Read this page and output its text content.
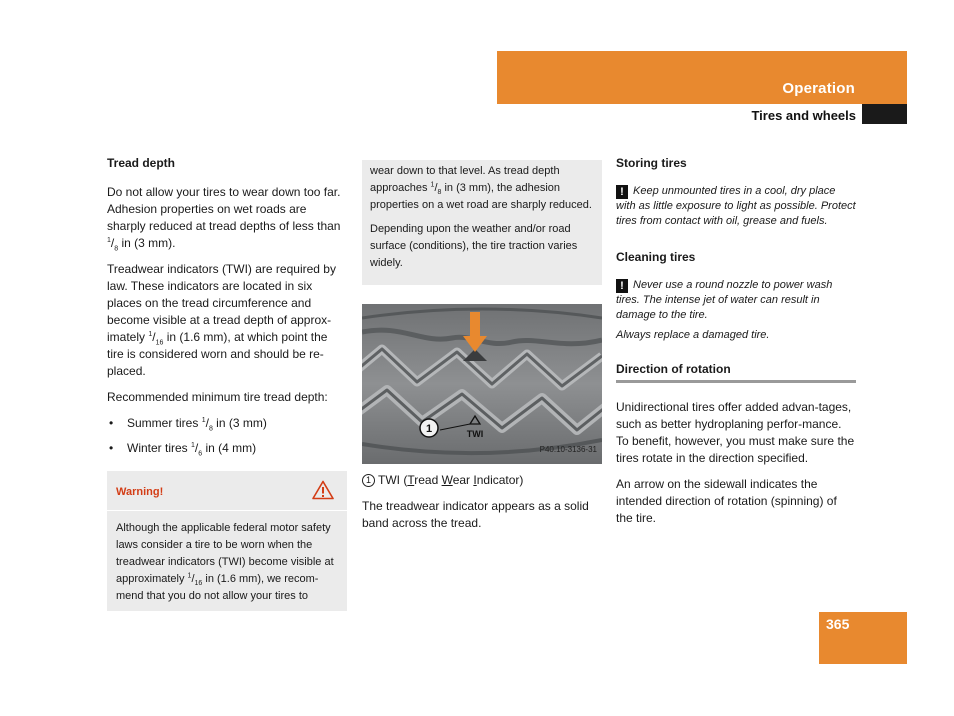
Operation
Tires and wheels
Tread depth

Do not allow your tires to wear down too far. Adhesion properties on wet roads are sharply reduced at tread depths of less than $^1/_8$ in (3 mm).

Treadwear indicators (TWI) are required by law. These indicators are located in six places on the tread circumference and become visible at a tread depth of approx-imately $^1/_{16}$ in (1.6 mm), at which point the tire is considered worn and should be re-placed.

Recommended minimum tire tread depth:

• Summer tires $^1/_8$ in (3 mm)
• Winter tires $^1/_6$ in (4 mm)
Warning!
Although the applicable federal motor safety laws consider a tire to be worn when the treadwear indicators (TWI) become visible at approximately $^1/_{16}$ in (1.6 mm), we recom-mend that you do not allow your tires to

wear down to that level. As tread depth approaches $^1/_8$ in (3 mm), the adhesion properties on a wet road are sharply reduced.

Depending upon the weather and/or road surface (conditions), the tire traction varies widely.

1	TWI
P40.10-3136-31

1 TWI (Tread Wear Indicator)

The treadwear indicator appears as a solid band across the tread.

Storing tires

! Keep unmounted tires in a cool, dry place with as little exposure to light as possible. Protect tires from contact with oil, grease and fuels.

Cleaning tires

! Never use a round nozzle to power wash tires. The intense jet of water can result in damage to the tire.

Always replace a damaged tire.

Direction of rotation

Unidirectional tires offer added advan-tages, such as better hydroplaning perfor-mance. To benefit, however, you must make sure the tires rotate in the direction specified.

An arrow on the sidewall indicates the intended direction of rotation (spinning) of the tire.

365
